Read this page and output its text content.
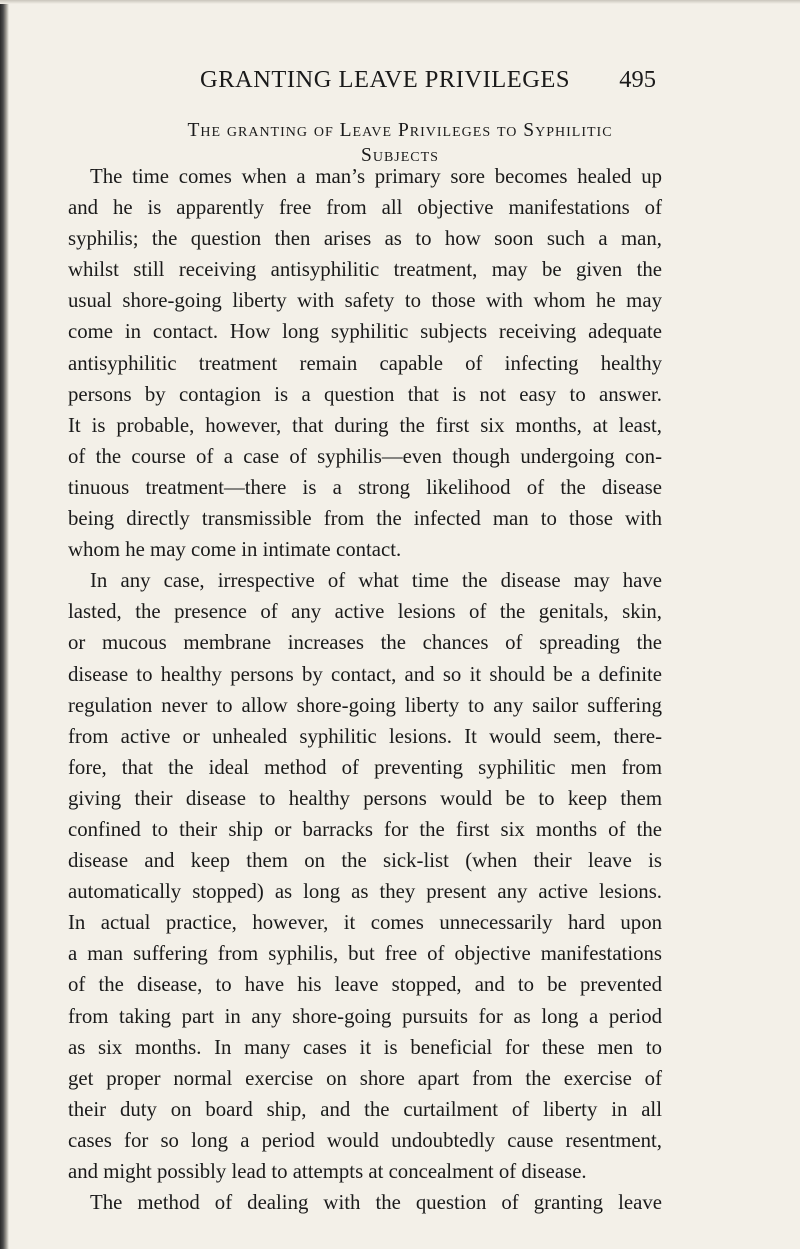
GRANTING LEAVE PRIVILEGES 495
The granting of Leave Privileges to Syphilitic
Subjects
The time comes when a man’s primary sore becomes healed up
and he is apparently free from all objective manifestations of
syphilis; the question then arises as to how soon such a man,
whilst still receiving antisyphilitic treatment, may be given the
usual shore-going liberty with safety to those with whom he may
come in contact. How long syphilitic subjects receiving adequate
antisyphilitic treatment remain capable of infecting healthy
persons by contagion is a question that is not easy to answer.
It is probable, however, that during the first six months, at least,
of the course of a case of syphilis—even though undergoing con-
tinuous treatment—there is a strong likelihood of the disease
being directly transmissible from the infected man to those with
whom he may come in intimate contact.
In any case, irrespective of what time the disease may have
lasted, the presence of any active lesions of the genitals, skin,
or mucous membrane increases the chances of spreading the
disease to healthy persons by contact, and so it should be a definite
regulation never to allow shore-going liberty to any sailor suffering
from active or unhealed syphilitic lesions. It would seem, there-
fore, that the ideal method of preventing syphilitic men from
giving their disease to healthy persons would be to keep them
confined to their ship or barracks for the first six months of the
disease and keep them on the sick-list (when their leave is
automatically stopped) as long as they present any active lesions.
In actual practice, however, it comes unnecessarily hard upon
a man suffering from syphilis, but free of objective manifestations
of the disease, to have his leave stopped, and to be prevented
from taking part in any shore-going pursuits for as long a period
as six months. In many cases it is beneficial for these men to
get proper normal exercise on shore apart from the exercise of
their duty on board ship, and the curtailment of liberty in all
cases for so long a period would undoubtedly cause resentment,
and might possibly lead to attempts at concealment of disease.
The method of dealing with the question of granting leave
